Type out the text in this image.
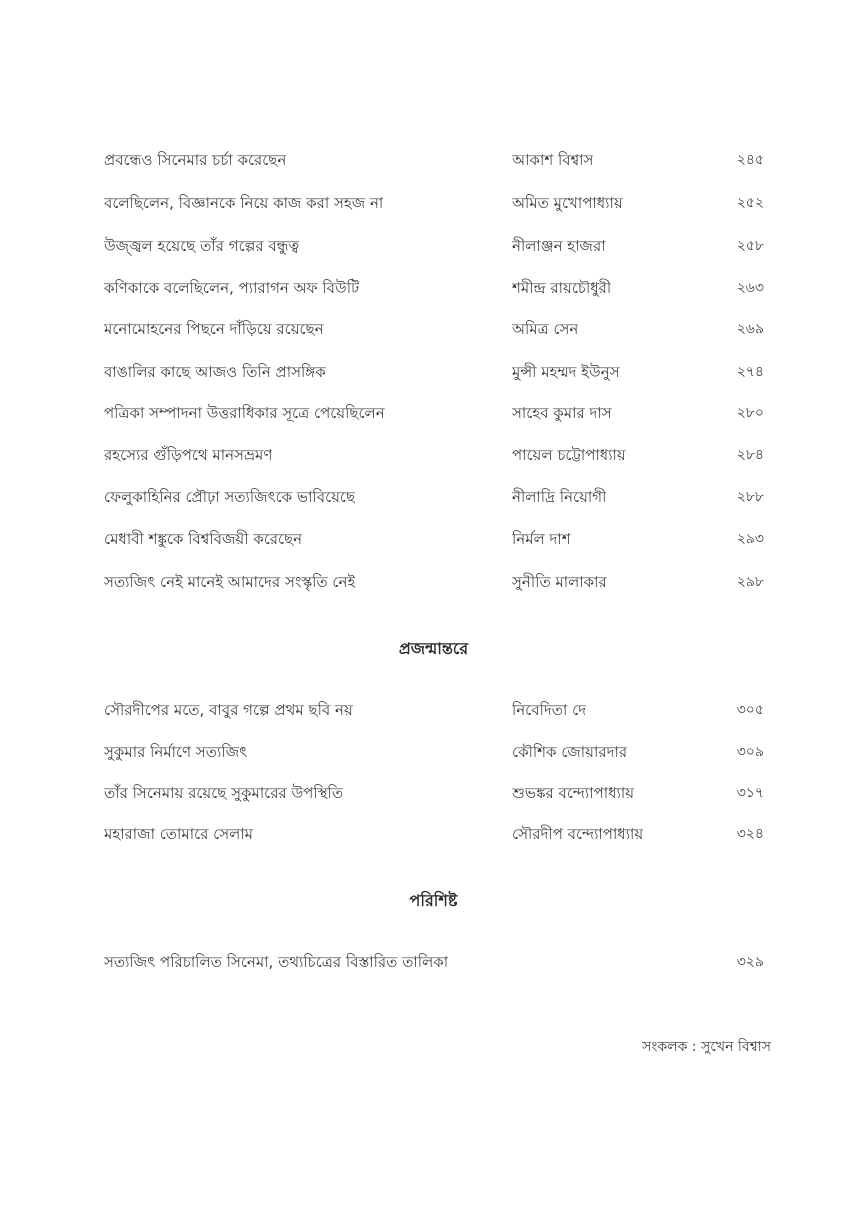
প্রবন্ধেও সিনেমার চর্চা করেছেন	আকাশ বিশ্বাস	২৪৫
বলেছিলেন, বিজ্ঞানকে নিয়ে কাজ করা সহজ না	অমিত মুখোপাধ্যায়	২৫২
উজ্জ্বল হয়েছে তাঁর গল্পের বন্ধুত্ব	নীলাঞ্জন হাজরা	২৫৮
কণিকাকে বলেছিলেন, প্যারাগন অফ বিউটি	শমীন্দ্র রায়চৌধুরী	২৬৩
মনোমোহনের পিছনে দাঁড়িয়ে রয়েছেন	অমিত্র সেন	২৬৯
বাঙালির কাছে আজও তিনি প্রাসঙ্গিক	মুন্সী মহম্মদ ইউনুস	২৭৪
পত্রিকা সম্পাদনা উত্তরাধিকার সূত্রে পেয়েছিলেন	সাহেব কুমার দাস	২৮০
রহস্যের গুঁড়িপথে মানসভ্রমণ	পায়েল চট্টোপাধ্যায়	২৮৪
ফেলুকাহিনির প্রৌঢ়া সত্যজিৎকে ভাবিয়েছে	নীলাদ্রি নিয়োগী	২৮৮
মেধাবী শঙ্কুকে বিশ্ববিজয়ী করেছেন	নির্মল দাশ	২৯৩
সত্যজিৎ নেই মানেই আমাদের সংস্কৃতি নেই	সুনীতি মালাকার	২৯৮
প্রজন্মান্তরে
সৌরদীপের মতে, বাবুর গল্পে প্রথম ছবি নয়	নিবেদিতা দে	৩০৫
সুকুমার নির্মাণে সত্যজিৎ	কৌশিক জোয়ারদার	৩০৯
তাঁর সিনেমায় রয়েছে সুকুমারের উপস্থিতি	শুভঙ্কর বন্দ্যোপাধ্যায়	৩১৭
মহারাজা তোমারে সেলাম	সৌরদীপ বন্দ্যোপাধ্যায়	৩২৪
পরিশিষ্ট
সত্যজিৎ পরিচালিত সিনেমা, তথ্যচিত্রের বিস্তারিত তালিকা	৩২৯
সংকলক : সুখেন বিশ্বাস
